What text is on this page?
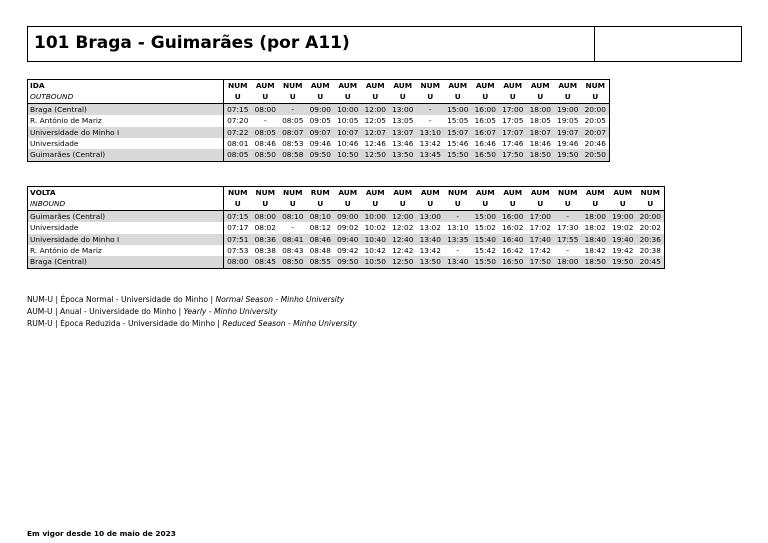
101 Braga - Guimarães (por A11)
IDA	NUM	AUM	NUM	AUM	AUM	AUM	AUM	NUM	AUM	AUM	AUM	AUM	AUM	NUM
OUTBOUND	U	U	U	U	U	U	U	U	U	U	U	U	U	U
Braga (Central)	07:15	08:00	-	09:00	10:00	12:00	13:00	-	15:00	16:00	17:00	18:00	19:00	20:00
R. António de Mariz	07:20	-	08:05	09:05	10:05	12:05	13:05	-	15:05	16:05	17:05	18:05	19:05	20:05
Universidade do Minho I	07:22	08:05	08:07	09:07	10:07	12:07	13:07	13:10	15:07	16:07	17:07	18:07	19:07	20:07
Universidade	08:01	08:46	08:53	09:46	10:46	12:46	13:46	13:42	15:46	16:46	17:46	18:46	19:46	20:46
Guimarães (Central)	08:05	08:50	08:58	09:50	10:50	12:50	13:50	13:45	15:50	16:50	17:50	18:50	19:50	20:50
VOLTA	NUM	NUM	NUM	RUM	AUM	AUM	AUM	AUM	NUM	AUM	AUM	AUM	NUM	AUM	AUM	NUM
INBOUND	U	U	U	U	U	U	U	U	U	U	U	U	U	U	U	U
Guimarães (Central)	07:15	08:00	08:10	08:10	09:00	10:00	12:00	13:00	-	15:00	16:00	17:00	-	18:00	19:00	20:00
Universidade	07:17	08:02	-	08:12	09:02	10:02	12:02	13:02	13:10	15:02	16:02	17:02	17:30	18:02	19:02	20:02
Universidade do Minho I	07:51	08:36	08:41	08:46	09:40	10:40	12:40	13:40	13:35	15:40	16:40	17:40	17:55	18:40	19:40	20:36
R. António de Mariz	07:53	08:38	08:43	08:48	09:42	10:42	12:42	13:42	-	15:42	16:42	17:42	-	18:42	19:42	20:38
Braga (Central)	08:00	08:45	08:50	08:55	09:50	10:50	12:50	13:50	13:40	15:50	16:50	17:50	18:00	18:50	19:50	20:45
NUM-U | Época Normal - Universidade do Minho | Normal Season - Minho University
AUM-U | Anual - Universidade do Minho | Yearly - Minho University
RUM-U | Época Reduzida - Universidade do Minho | Reduced Season - Minho University
Em vigor desde 10 de maio de 2023
